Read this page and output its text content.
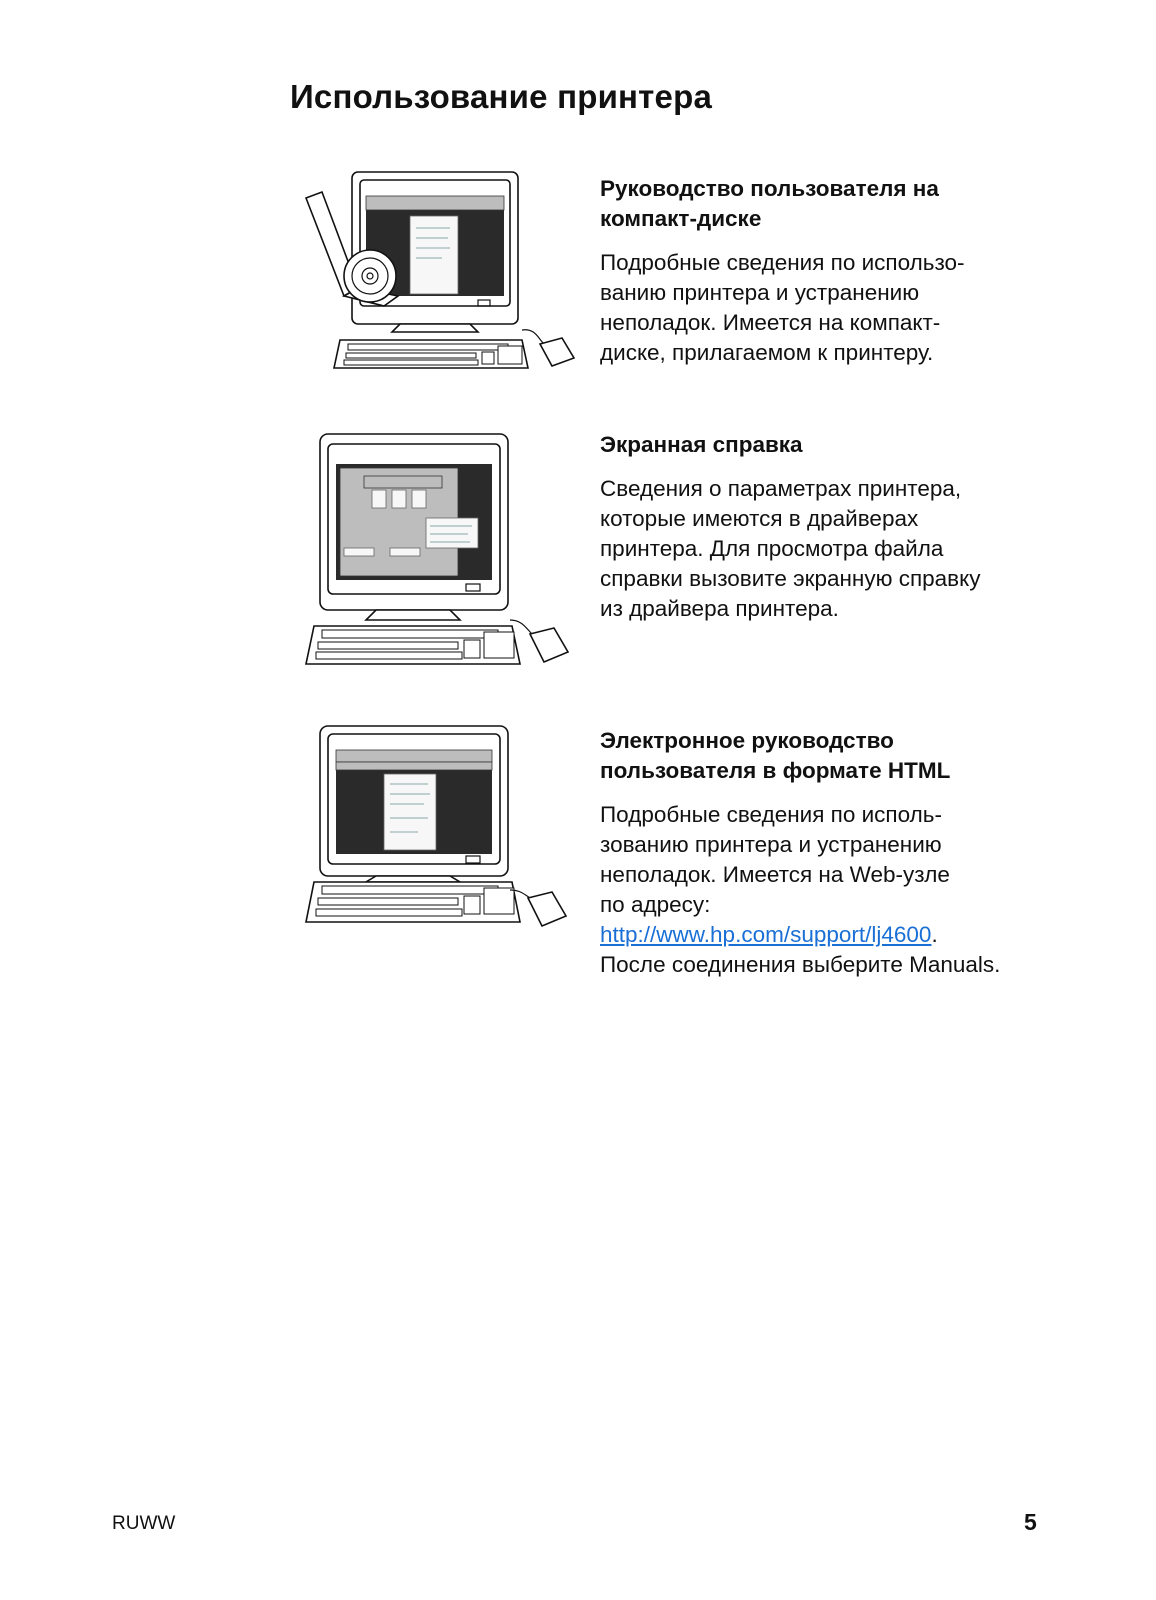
Использование принтера
Руководство пользователя на
компакт-диске

Подробные сведения по использо-
ванию принтера и устранению
неполадок. Имеется на компакт-
диске, прилагаемом к принтеру.

Экранная справка

Сведения о параметрах принтера,
которые имеются в драйверах
принтера. Для просмотра файла
справки вызовите экранную справку
из драйвера принтера.

Электронное руководство
пользователя в формате HTML

Подробные сведения по исполь-
зованию принтера и устранению
неполадок. Имеется на Web-узле
по адресу:
http://www.hp.com/support/lj4600.
После соединения выберите Manuals.

RUWW	5
